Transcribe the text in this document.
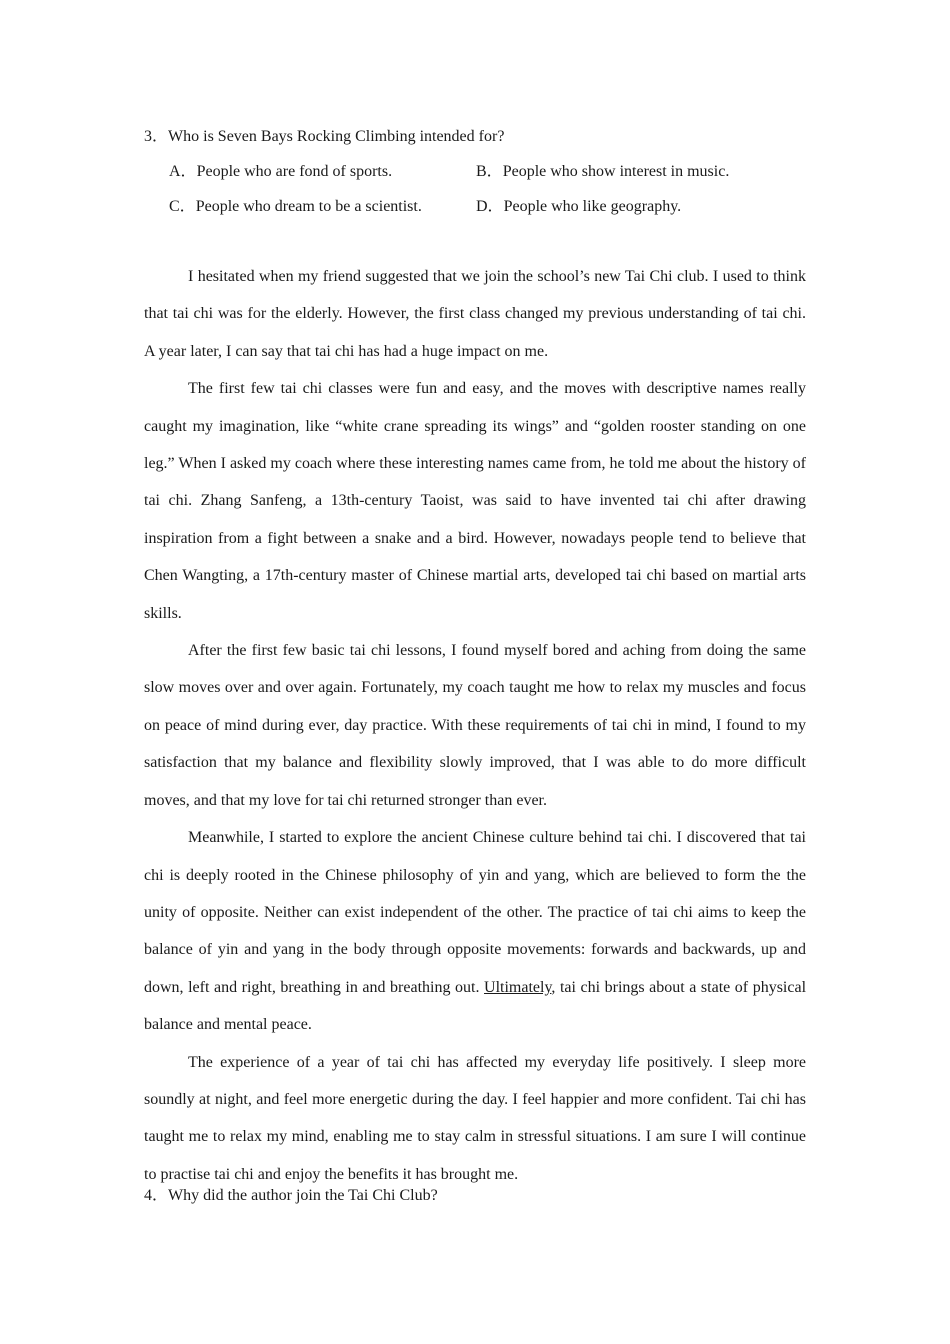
3．Who is Seven Bays Rocking Climbing intended for?
A．People who are fond of sports.	B．People who show interest in music.
C．People who dream to be a scientist.	D．People who like geography.

I hesitated when my friend suggested that we join the school’s new Tai Chi club. I used to think that tai chi was for the elderly. However, the first class changed my previous understanding of tai chi. A year later, I can say that tai chi has had a huge impact on me.

The first few tai chi classes were fun and easy, and the moves with descriptive names really caught my imagination, like “white crane spreading its wings” and “golden rooster standing on one leg.” When I asked my coach where these interesting names came from, he told me about the history of tai chi. Zhang Sanfeng, a 13th-century Taoist, was said to have invented tai chi after drawing inspiration from a fight between a snake and a bird. However, nowadays people tend to believe that Chen Wangting, a 17th-century master of Chinese martial arts, developed tai chi based on martial arts skills.

After the first few basic tai chi lessons, I found myself bored and aching from doing the same slow moves over and over again. Fortunately, my coach taught me how to relax my muscles and focus on peace of mind during ever, day practice. With these requirements of tai chi in mind, I found to my satisfaction that my balance and flexibility slowly improved, that I was able to do more difficult moves, and that my love for tai chi returned stronger than ever.

Meanwhile, I started to explore the ancient Chinese culture behind tai chi. I discovered that tai chi is deeply rooted in the Chinese philosophy of yin and yang, which are believed to form the the unity of opposite. Neither can exist independent of the other. The practice of tai chi aims to keep the balance of yin and yang in the body through opposite movements: forwards and backwards, up and down, left and right, breathing in and breathing out. Ultimately, tai chi brings about a state of physical balance and mental peace.

The experience of a year of tai chi has affected my everyday life positively. I sleep more soundly at night, and feel more energetic during the day. I feel happier and more confident. Tai chi has taught me to relax my mind, enabling me to stay calm in stressful situations. I am sure I will continue to practise tai chi and enjoy the benefits it has brought me.

4．Why did the author join the Tai Chi Club?
